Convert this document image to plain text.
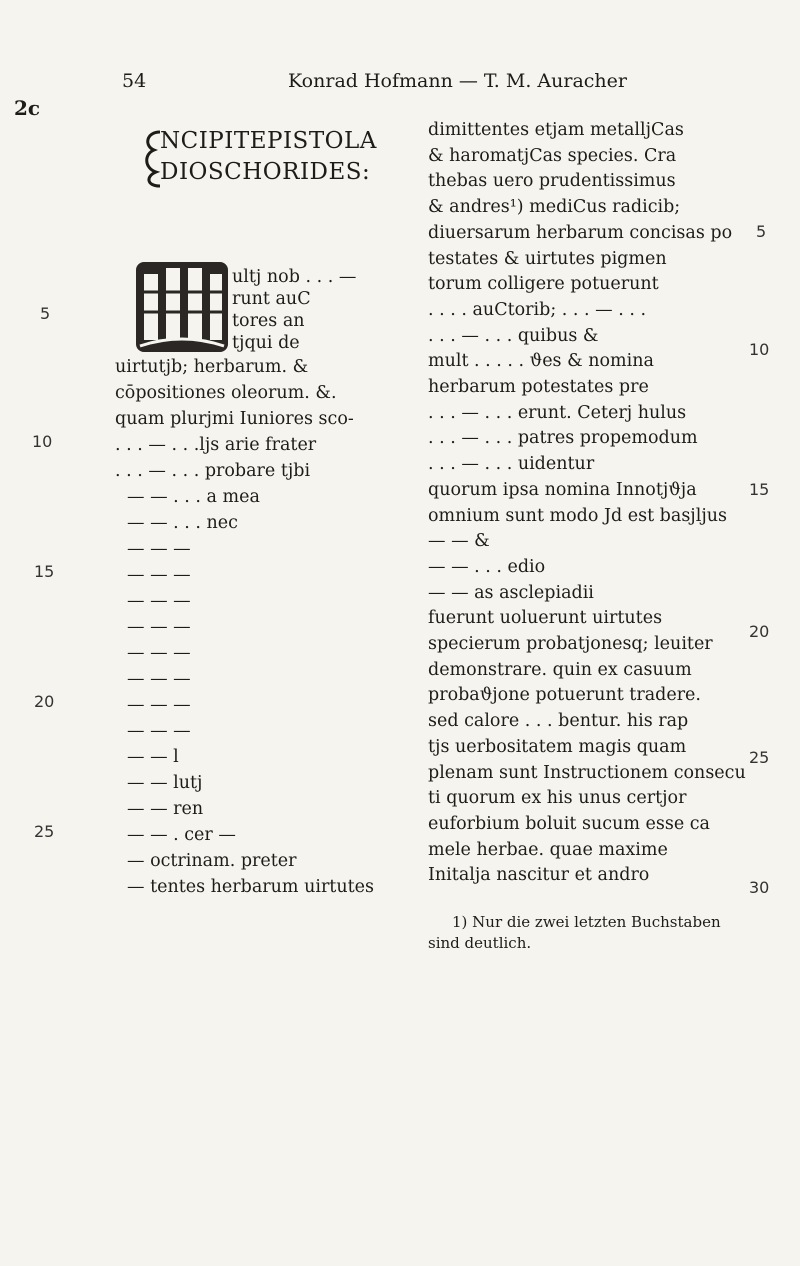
2c
54	Konrad Hofmann — T. M. Auracher
NCIPITEPISTOLA
DIOSCHORIDES:
ultj nob . . . —
runt auC
tores an
tjqui de
uirtutjb; herbarum. &
cōpositiones oleorum. &.
quam plurjmi Iuniores sco-
. . . — . . .ljs arie frater
. . . — . . . probare tjbi
— — . . . a mea
— — . . . nec
— — —
— — —
— — —
— — —
— — —
— — —
— — —
— — —
— — l
— — lutj
— — ren
— — . cer —
— octrinam. preter
— tentes herbarum uirtutes
5
10
15
20
25
dimittentes etjam metalljCas
& haromatjCas species. Cra
thebas uero prudentissimus
& andres¹) mediCus radicib;
diuersarum herbarum concisas po
testates & uirtutes pigmen
torum colligere potuerunt
. . . . auCtorib; . . . — . . .
. . . — . . . quibus &
mult . . . . . ϑes & nomina
herbarum potestates pre
. . . — . . . erunt. Ceterj hulus
. . . — . . . patres propemodum
. . . — . . . uidentur
quorum ipsa nomina Innotjϑja
omnium sunt modo Jd est basjljus
— — &
— — . . . edio
— — as asclepiadii
fuerunt uoluerunt uirtutes
specierum probatjonesq; leuiter
demonstrare. quin ex casuum
probaϑjone potuerunt tradere.
sed calore . . . bentur. his rap
tjs uerbositatem magis quam
plenam sunt Instructionem consecu
ti quorum ex his unus certjor
euforbium boluit sucum esse ca
mele herbae. quae maxime
Initalja nascitur et andro
5
10
15
20
25
30
1) Nur die zwei letzten Buchstaben
sind deutlich.
